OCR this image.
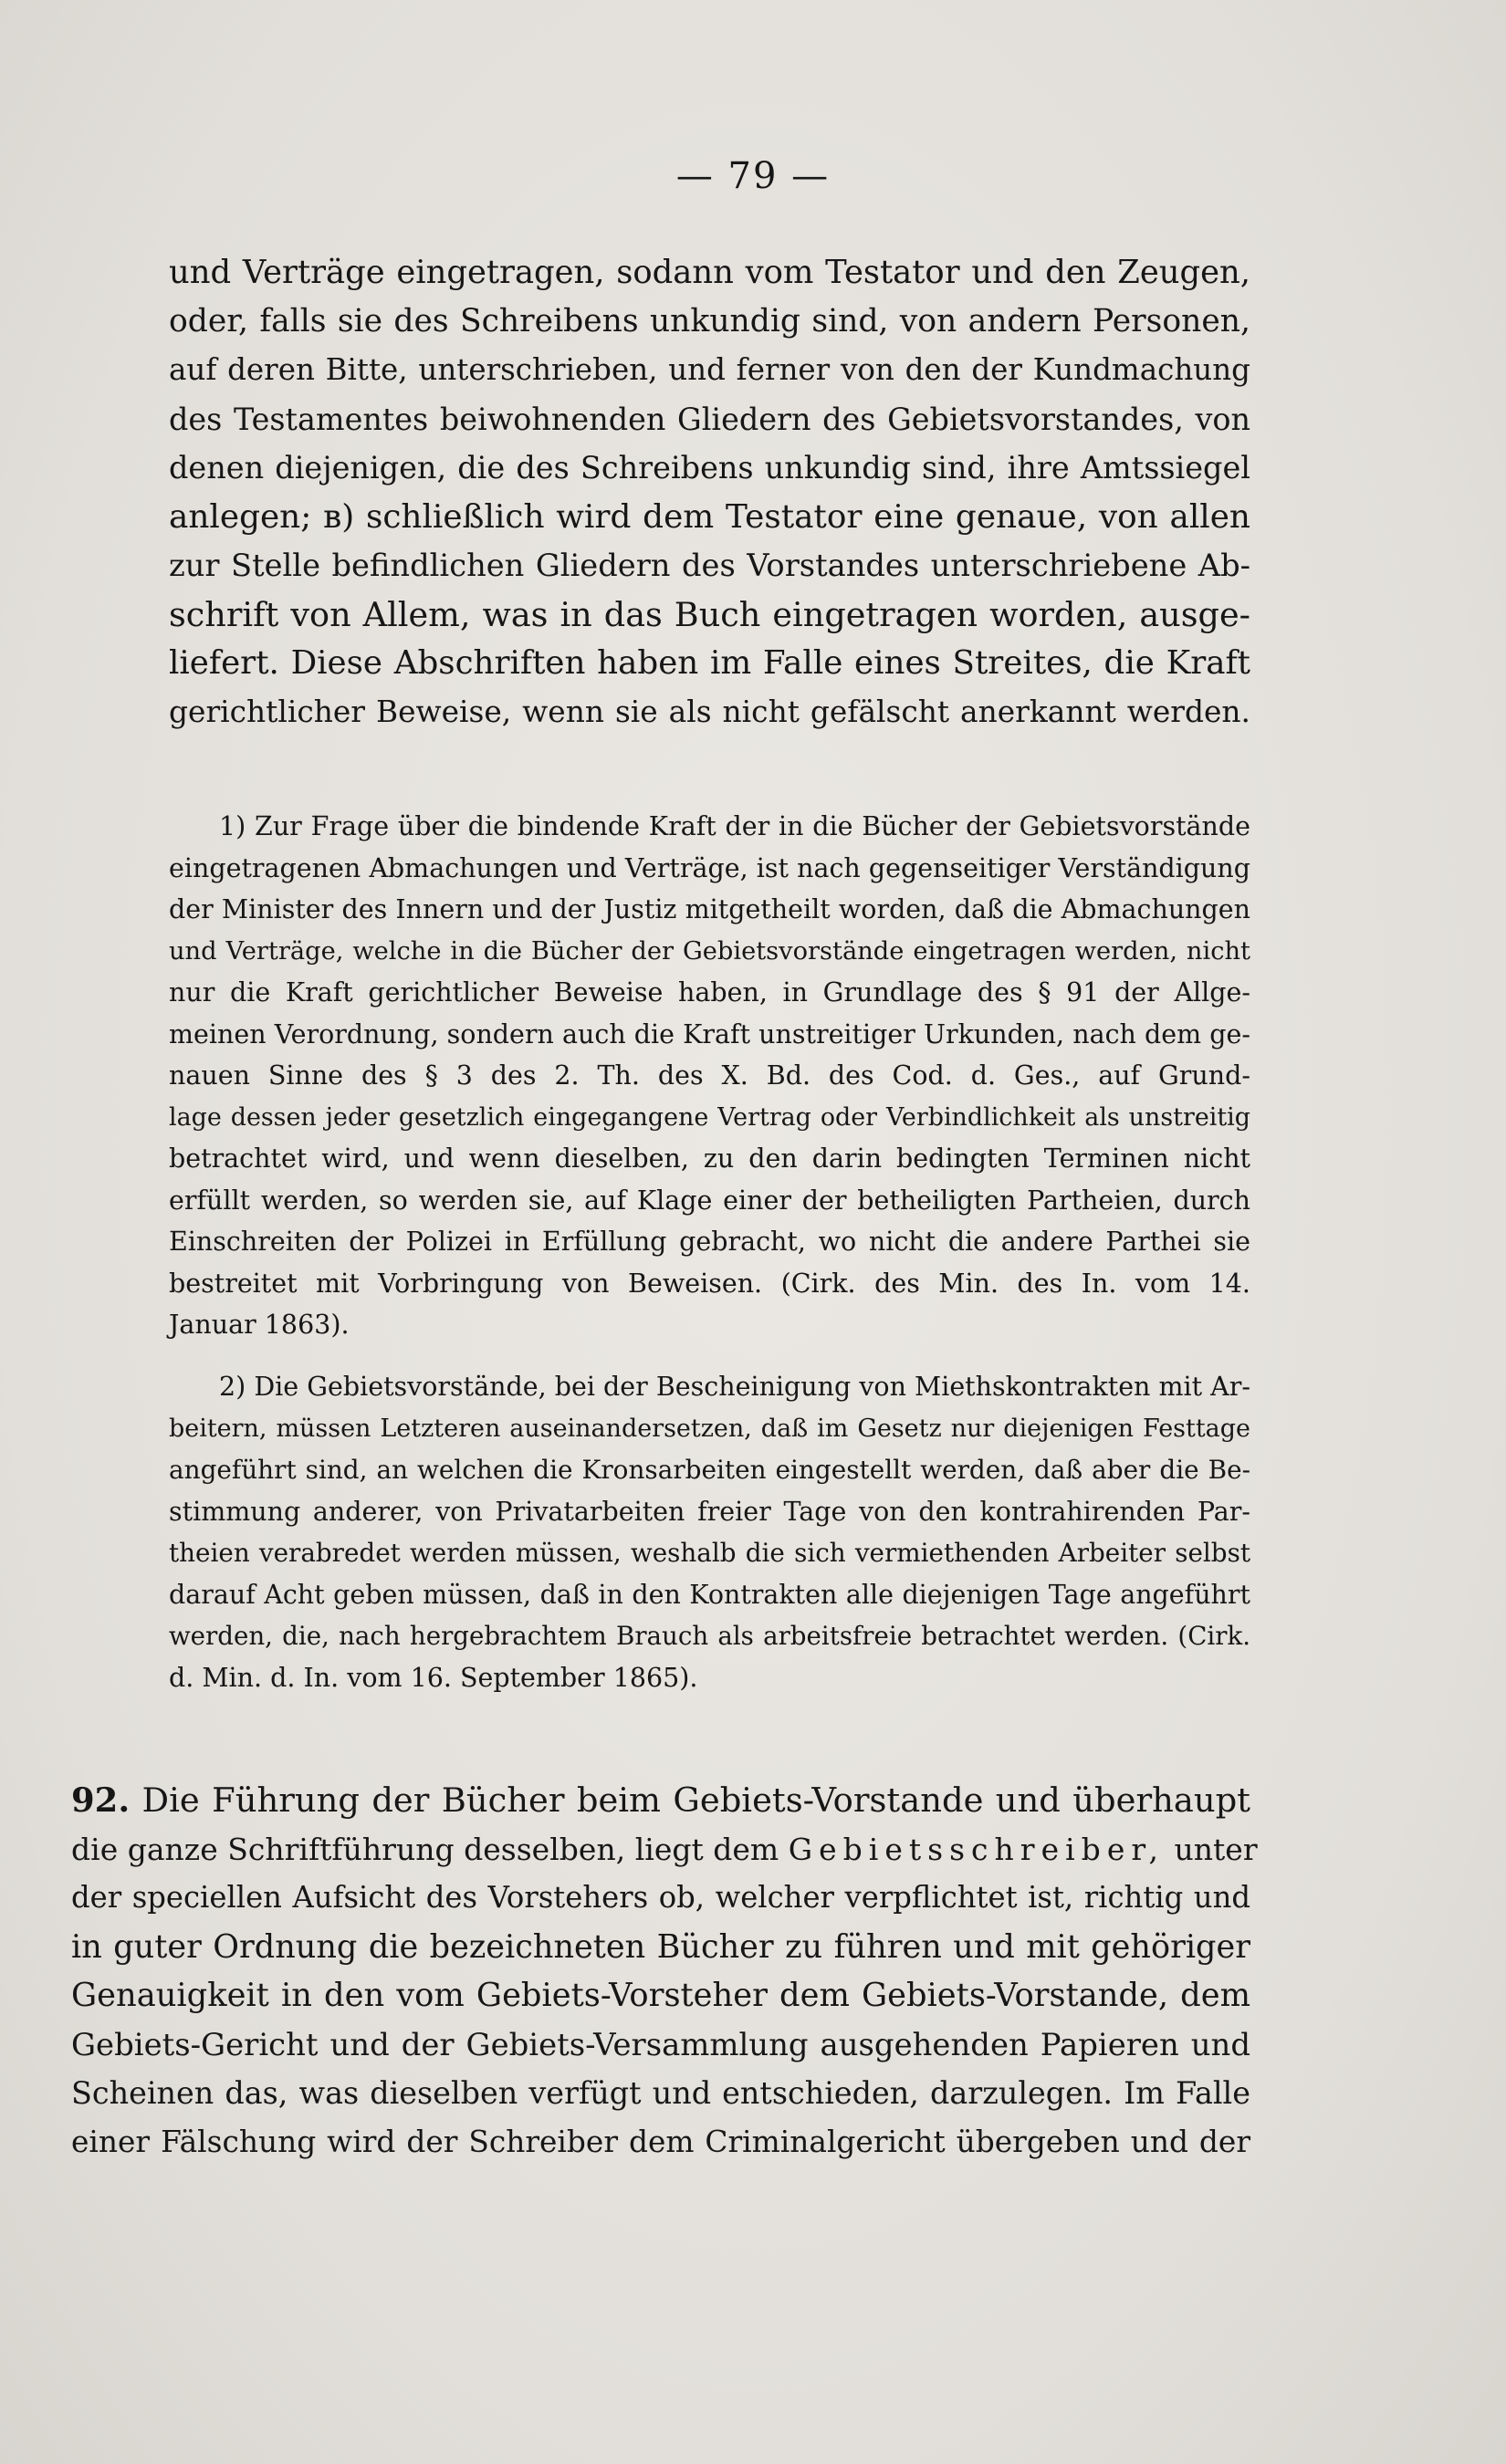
— 79 —
und Verträge eingetragen, sodann vom Testator und den Zeugen,
oder, falls sie des Schreibens unkundig sind, von andern Personen,
auf deren Bitte, unterschrieben, und ferner von den der Kundmachung
des Testamentes beiwohnenden Gliedern des Gebietsvorstandes, von
denen diejenigen, die des Schreibens unkundig sind, ihre Amtssiegel
anlegen; в) schließlich wird dem Testator eine genaue, von allen
zur Stelle befindlichen Gliedern des Vorstandes unterschriebene Ab-
schrift von Allem, was in das Buch eingetragen worden, ausge-
liefert. Diese Abschriften haben im Falle eines Streites, die Kraft
gerichtlicher Beweise, wenn sie als nicht gefälscht anerkannt werden.
1) Zur Frage über die bindende Kraft der in die Bücher der Gebietsvorstände
eingetragenen Abmachungen und Verträge, ist nach gegenseitiger Verständigung
der Minister des Innern und der Justiz mitgetheilt worden, daß die Abmachungen
und Verträge, welche in die Bücher der Gebietsvorstände eingetragen werden, nicht
nur die Kraft gerichtlicher Beweise haben, in Grundlage des § 91 der Allge-
meinen Verordnung, sondern auch die Kraft unstreitiger Urkunden, nach dem ge-
nauen Sinne des § 3 des 2. Th. des X. Bd. des Cod. d. Ges., auf Grund-
lage dessen jeder gesetzlich eingegangene Vertrag oder Verbindlichkeit als unstreitig
betrachtet wird, und wenn dieselben, zu den darin bedingten Terminen nicht
erfüllt werden, so werden sie, auf Klage einer der betheiligten Partheien, durch
Einschreiten der Polizei in Erfüllung gebracht, wo nicht die andere Parthei sie
bestreitet mit Vorbringung von Beweisen. (Cirk. des Min. des In. vom 14.
Januar 1863).
2) Die Gebietsvorstände, bei der Bescheinigung von Miethskontrakten mit Ar-
beitern, müssen Letzteren auseinandersetzen, daß im Gesetz nur diejenigen Festtage
angeführt sind, an welchen die Kronsarbeiten eingestellt werden, daß aber die Be-
stimmung anderer, von Privatarbeiten freier Tage von den kontrahirenden Par-
theien verabredet werden müssen, weshalb die sich vermiethenden Arbeiter selbst
darauf Acht geben müssen, daß in den Kontrakten alle diejenigen Tage angeführt
werden, die, nach hergebrachtem Brauch als arbeitsfreie betrachtet werden. (Cirk.
d. Min. d. In. vom 16. September 1865).
92. Die Führung der Bücher beim Gebiets-Vorstande und überhaupt
die ganze Schriftführung desselben, liegt dem Gebietsschreiber, unter
der speciellen Aufsicht des Vorstehers ob, welcher verpflichtet ist, richtig und
in guter Ordnung die bezeichneten Bücher zu führen und mit gehöriger
Genauigkeit in den vom Gebiets-Vorsteher dem Gebiets-Vorstande, dem
Gebiets-Gericht und der Gebiets-Versammlung ausgehenden Papieren und
Scheinen das, was dieselben verfügt und entschieden, darzulegen. Im Falle
einer Fälschung wird der Schreiber dem Criminalgericht übergeben und der
